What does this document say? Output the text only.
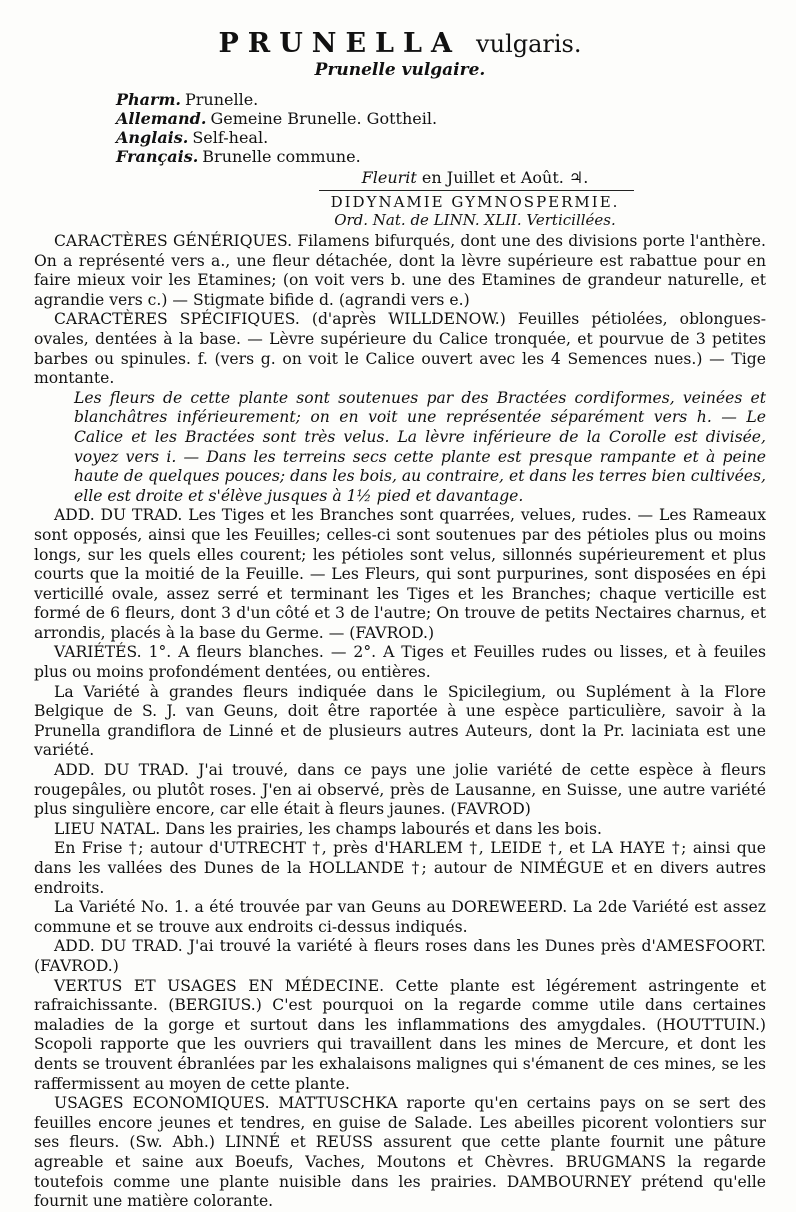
PRUNELLA vulgaris.
Prunelle vulgaire.
Pharm. Prunelle.
Allemand. Gemeine Brunelle. Gottheil.
Anglais. Self-heal.
Français. Brunelle commune.
Fleurit en Juillet et Août. ♃.
DIDYNAMIE GYMNOSPERMIE.
Ord. Nat. de LINN. XLII. Verticillées.

CARACTÈRES GÉNÉRIQUES. Filamens bifurqués, dont une des divisions porte l'anthère. On a représenté vers a., une fleur détachée, dont la lèvre supérieure est rabattue pour en faire mieux voir les Etamines; (on voit vers b. une des Etamines de grandeur naturelle, et agrandie vers c.) — Stigmate bifide d. (agrandi vers e.)

CARACTÈRES SPÉCIFIQUES. (d'après WILLDENOW.) Feuilles pétiolées, oblongues-ovales, dentées à la base. — Lèvre supérieure du Calice tronquée, et pourvue de 3 petites barbes ou spinules. f. (vers g. on voit le Calice ouvert avec les 4 Semences nues.) — Tige montante.

Les fleurs de cette plante sont soutenues par des Bractées cordiformes, veinées et blanchâtres inférieurement; on en voit une représentée séparément vers h. — Le Calice et les Bractées sont très velus. La lèvre inférieure de la Corolle est divisée, voyez vers i. — Dans les terreins secs cette plante est presque rampante et à peine haute de quelques pouces; dans les bois, au contraire, et dans les terres bien cultivées, elle est droite et s'élève jusques à 1½ pied et davantage.

ADD. DU TRAD. Les Tiges et les Branches sont quarrées, velues, rudes. — Les Rameaux sont opposés, ainsi que les Feuilles; celles-ci sont soutenues par des pétioles plus ou moins longs, sur les quels elles courent; les pétioles sont velus, sillonnés supérieurement et plus courts que la moitié de la Feuille. — Les Fleurs, qui sont purpurines, sont disposées en épi verticillé ovale, assez serré et terminant les Tiges et les Branches; chaque verticille est formé de 6 fleurs, dont 3 d'un côté et 3 de l'autre; On trouve de petits Nectaires charnus, et arrondis, placés à la base du Germe. — (FAVROD.)

VARIÉTÉS. 1°. A fleurs blanches. — 2°. A Tiges et Feuilles rudes ou lisses, et à feuiles plus ou moins profondément dentées, ou entières.

La Variété à grandes fleurs indiquée dans le Spicilegium, ou Suplément à la Flore Belgique de S. J. van Geuns, doit être raportée à une espèce particulière, savoir à la Prunella grandiflora de Linné et de plusieurs autres Auteurs, dont la Pr. laciniata est une variété.

ADD. DU TRAD. J'ai trouvé, dans ce pays une jolie variété de cette espèce à fleurs rougepâles, ou plutôt roses. J'en ai observé, près de Lausanne, en Suisse, une autre variété plus singulière encore, car elle était à fleurs jaunes. (FAVROD)

LIEU NATAL. Dans les prairies, les champs labourés et dans les bois.

En Frise †; autour d'UTRECHT †, près d'HARLEM †, LEIDE †, et LA HAYE †; ainsi que dans les vallées des Dunes de la HOLLANDE †; autour de NIMÉGUE et en divers autres endroits.

La Variété No. 1. a été trouvée par van Geuns au DOREWEERD. La 2de Variété est assez commune et se trouve aux endroits ci-dessus indiqués.

ADD. DU TRAD. J'ai trouvé la variété à fleurs roses dans les Dunes près d'AMESFOORT. (FAVROD.)

VERTUS ET USAGES EN MÉDECINE. Cette plante est légérement astringente et rafraichissante. (BERGIUS.) C'est pourquoi on la regarde comme utile dans certaines maladies de la gorge et surtout dans les inflammations des amygdales. (HOUTTUIN.) Scopoli rapporte que les ouvriers qui travaillent dans les mines de Mercure, et dont les dents se trouvent ébranlées par les exhalaisons malignes qui s'émanent de ces mines, se les raffermissent au moyen de cette plante.

USAGES ECONOMIQUES. MATTUSCHKA raporte qu'en certains pays on se sert des feuilles encore jeunes et tendres, en guise de Salade. Les abeilles picorent volontiers sur ses fleurs. (Sw. Abh.) LINNÉ et REUSS assurent que cette plante fournit une pâture agreable et saine aux Boeufs, Vaches, Moutons et Chèvres. BRUGMANS la regarde toutefois comme une plante nuisible dans les prairies. DAMBOURNEY prétend qu'elle fournit une matière colorante.
